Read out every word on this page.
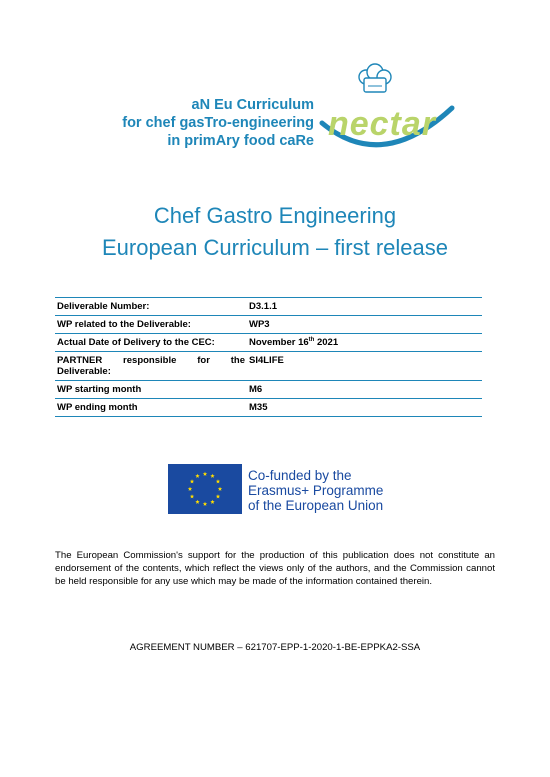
aN Eu Curriculum
for chef gasTro-engineering
in primAry food caRe nectar
Chef Gastro Engineering
European Curriculum – first release
Deliverable Number:	D3.1.1
WP related to the Deliverable:	WP3
Actual Date of Delivery to the CEC:	November 16th 2021

PARTNER responsible for the Deliverable:	SI4LIFE
WP starting month	M6
WP ending month	M35
Co-funded by the
Erasmus+ Programme
of the European Union
The European Commission's support for the production of this publication does not constitute an endorsement of the contents, which reflect the views only of the authors, and the Commission cannot be held responsible for any use which may be made of the information contained therein.
AGREEMENT NUMBER – 621707-EPP-1-2020-1-BE-EPPKA2-SSA
